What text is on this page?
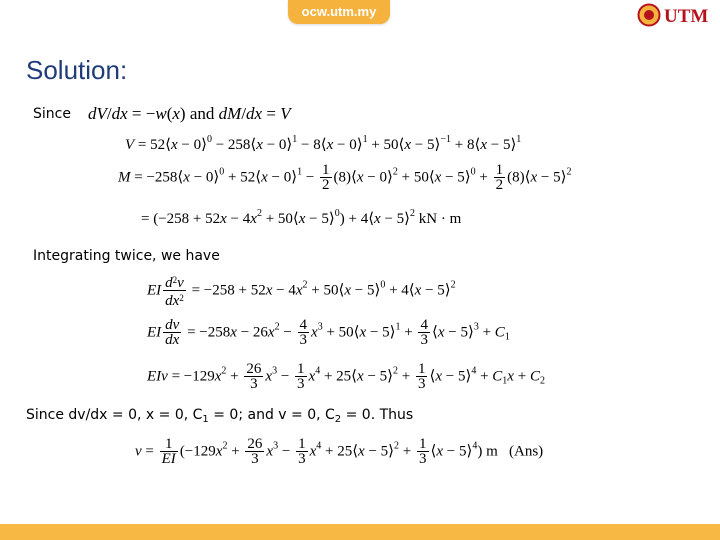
ocw.utm.my	UTM
Solution:
Since dV/dx = −w(x) and dM/dx = V
V = 52⟨x − 0⟩$^0$ − 258⟨x − 0⟩$^1$ − 8⟨x − 0⟩$^1$ + 50⟨x − 5⟩$^{-1}$ + 8⟨x − 5⟩$^1$
M = −258⟨x − 0⟩$^0$ + 52⟨x − 0⟩$^1$ − $\frac{1}{2}$ (8)⟨x − 0⟩$^2$ + 50⟨x − 5⟩$^0$ + $\frac{1}{2}$ (8)⟨x − 5⟩$^2$
= ($-258 + 52x - 4x^2$ + 50⟨x − 5⟩$^0$) + 4⟨x − 5⟩$^2$ kN · m
Integrating twice, we have
EI $\frac{d^2v}{dx^2} = -258 + 52x - 4x^2$ + 50⟨x − 5⟩$^0$ + 4⟨x − 5⟩$^2$
EI $\frac{dv}{dx} = -258x - 26x^2 - \frac{4}{3} x^3$ + 50⟨x − 5⟩$^1$ + $\frac{4}{3}$ ⟨x − 5⟩$^3$ + $C_1$
EIv = $-129x^2 + \frac{26}{3} x^3 - \frac{1}{3} x^4$ + 25⟨x − 5⟩$^2$ + $\frac{1}{3}$ ⟨x − 5⟩$^4$ + $C_1x + C_2$
Since dv/dx = 0, x = 0, $C_1 = 0$; and v = 0, $C_2 = 0$. Thus
$v = \frac{1}{EI} (-129x^2 + \frac{26}{3} x^3 - \frac{1}{3} x^4$ + 25⟨x − 5⟩$^2$ + $\frac{1}{3}$ ⟨x − 5⟩$^4$) m (Ans)
